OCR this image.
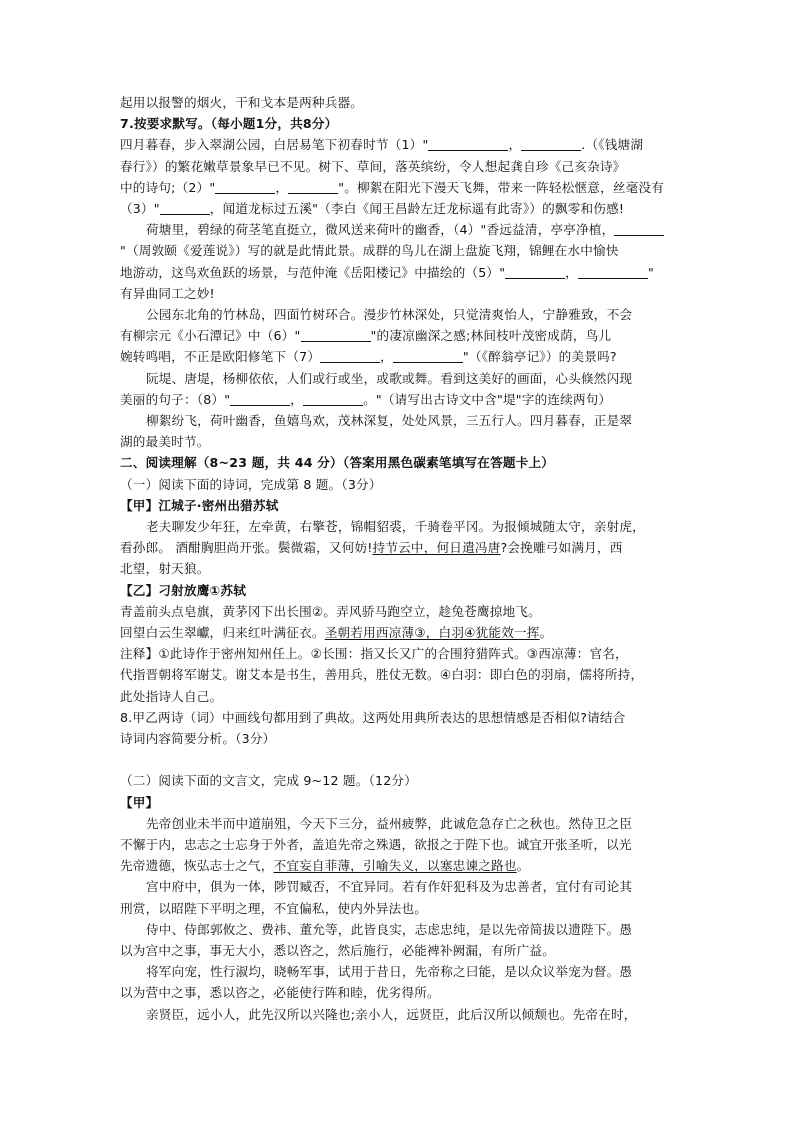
起用以报警的烟火，干和戈本是两种兵器。
7.按要求默写。（每小题1分，共8分）
四月暮春，步入翠湖公园，白居易笔下初春时节（1）"	，	.（《钱塘湖
春行》）的繁花嫩草景象早已不见。树下、草间，落英缤纷，令人想起龚自珍《己亥杂诗》
中的诗句;（2）"	，	"。柳絮在阳光下漫天飞舞，带来一阵轻松惬意，丝毫没有
（3）"	，闻道龙标过五溪"（李白《闻王昌龄左迁龙标遥有此寄》）的飘零和伤感!
荷塘里，碧绿的荷茎笔直挺立，微风送来荷叶的幽香，（4）"香远益清，亭亭净植，
"（周敦颐《爱莲说》）写的就是此情此景。成群的鸟儿在湖上盘旋飞翔，锦鲤在水中愉快
地游动，这鸟欢鱼跃的场景，与范仲淹《岳阳楼记》中描绘的（5）"	，	"
有异曲同工之妙!
公园东北角的竹林岛，四面竹树环合。漫步竹林深处，只觉清爽怡人，宁静雅致，不会
有柳宗元《小石潭记》中（6）"	"的凄凉幽深之感;林间枝叶茂密成荫，鸟儿
婉转鸣唱，不正是欧阳修笔下（7）	，	"（《醉翁亭记》）的美景吗?
阮堤、唐堤，杨柳依依，人们或行或坐，或歌或舞。看到这美好的画面，心头倏然闪现
美丽的句子：（8）"	，	。"（请写出古诗文中含"堤"字的连续两句）
柳絮纷飞，荷叶幽香，鱼嬉鸟欢，茂林深复，处处风景，三五行人。四月暮春，正是翠
湖的最美时节。
二、阅读理解（8~23 题，共 44 分）（答案用黑色碳素笔填写在答题卡上）
（一）阅读下面的诗词，完成第 8 题。（3分）
【甲】江城子·密州出猎苏轼
老夫聊发少年狂，左牵黄，右擎苍，锦帽貂裘，千骑卷平冈。为报倾城随太守，亲射虎，
看孙郎。 酒酣胸胆尚开张。鬓微霜，又何妨!持节云中，何日遣冯唐?会挽雕弓如满月，西
北望，射天狼。
【乙】刁射放鹰①苏轼
青盖前头点皂旗，黄茅冈下出长围②。弄风骄马跑空立，趁兔苍鹰掠地飞。
回望白云生翠巘，归来红叶满征衣。圣朝若用西凉薄③，白羽④犹能效一挥。
注释】①此诗作于密州知州任上。②长围：指又长又广的合围狩猎阵式。③西凉薄：官名，
代指晋朝将军谢艾。谢艾本是书生，善用兵，胜仗无数。④白羽：即白色的羽扇，儒将所持，
此处指诗人自己。
8.甲乙两诗（词）中画线句都用到了典故。这两处用典所表达的思想情感是否相似?请结合
诗词内容简要分析。（3分）
（二）阅读下面的文言文，完成 9~12 题。（12分）
【甲】
先帝创业未半而中道崩殂，今天下三分，益州疲弊，此诚危急存亡之秋也。然侍卫之臣
不懈于内，忠志之士忘身于外者，盖追先帝之殊遇，欲报之于陛下也。诚宜开张圣听，以光
先帝遗德，恢弘志士之气，不宜妄自菲薄，引喻失义，以塞忠谏之路也。
宫中府中，俱为一体，陟罚臧否，不宜异同。若有作奸犯科及为忠善者，宜付有司论其
刑赏，以昭陛下平明之理，不宜偏私，使内外异法也。
侍中、侍郎郭攸之、费祎、董允等，此皆良实，志虑忠纯，是以先帝简拔以遗陛下。愚
以为宫中之事，事无大小，悉以咨之，然后施行，必能裨补阙漏，有所广益。
将军向宠，性行淑均，晓畅军事，试用于昔日，先帝称之曰能，是以众议举宠为督。愚
以为营中之事，悉以咨之，必能使行阵和睦，优劣得所。
亲贤臣，远小人，此先汉所以兴隆也;亲小人，远贤臣，此后汉所以倾颓也。先帝在时，
